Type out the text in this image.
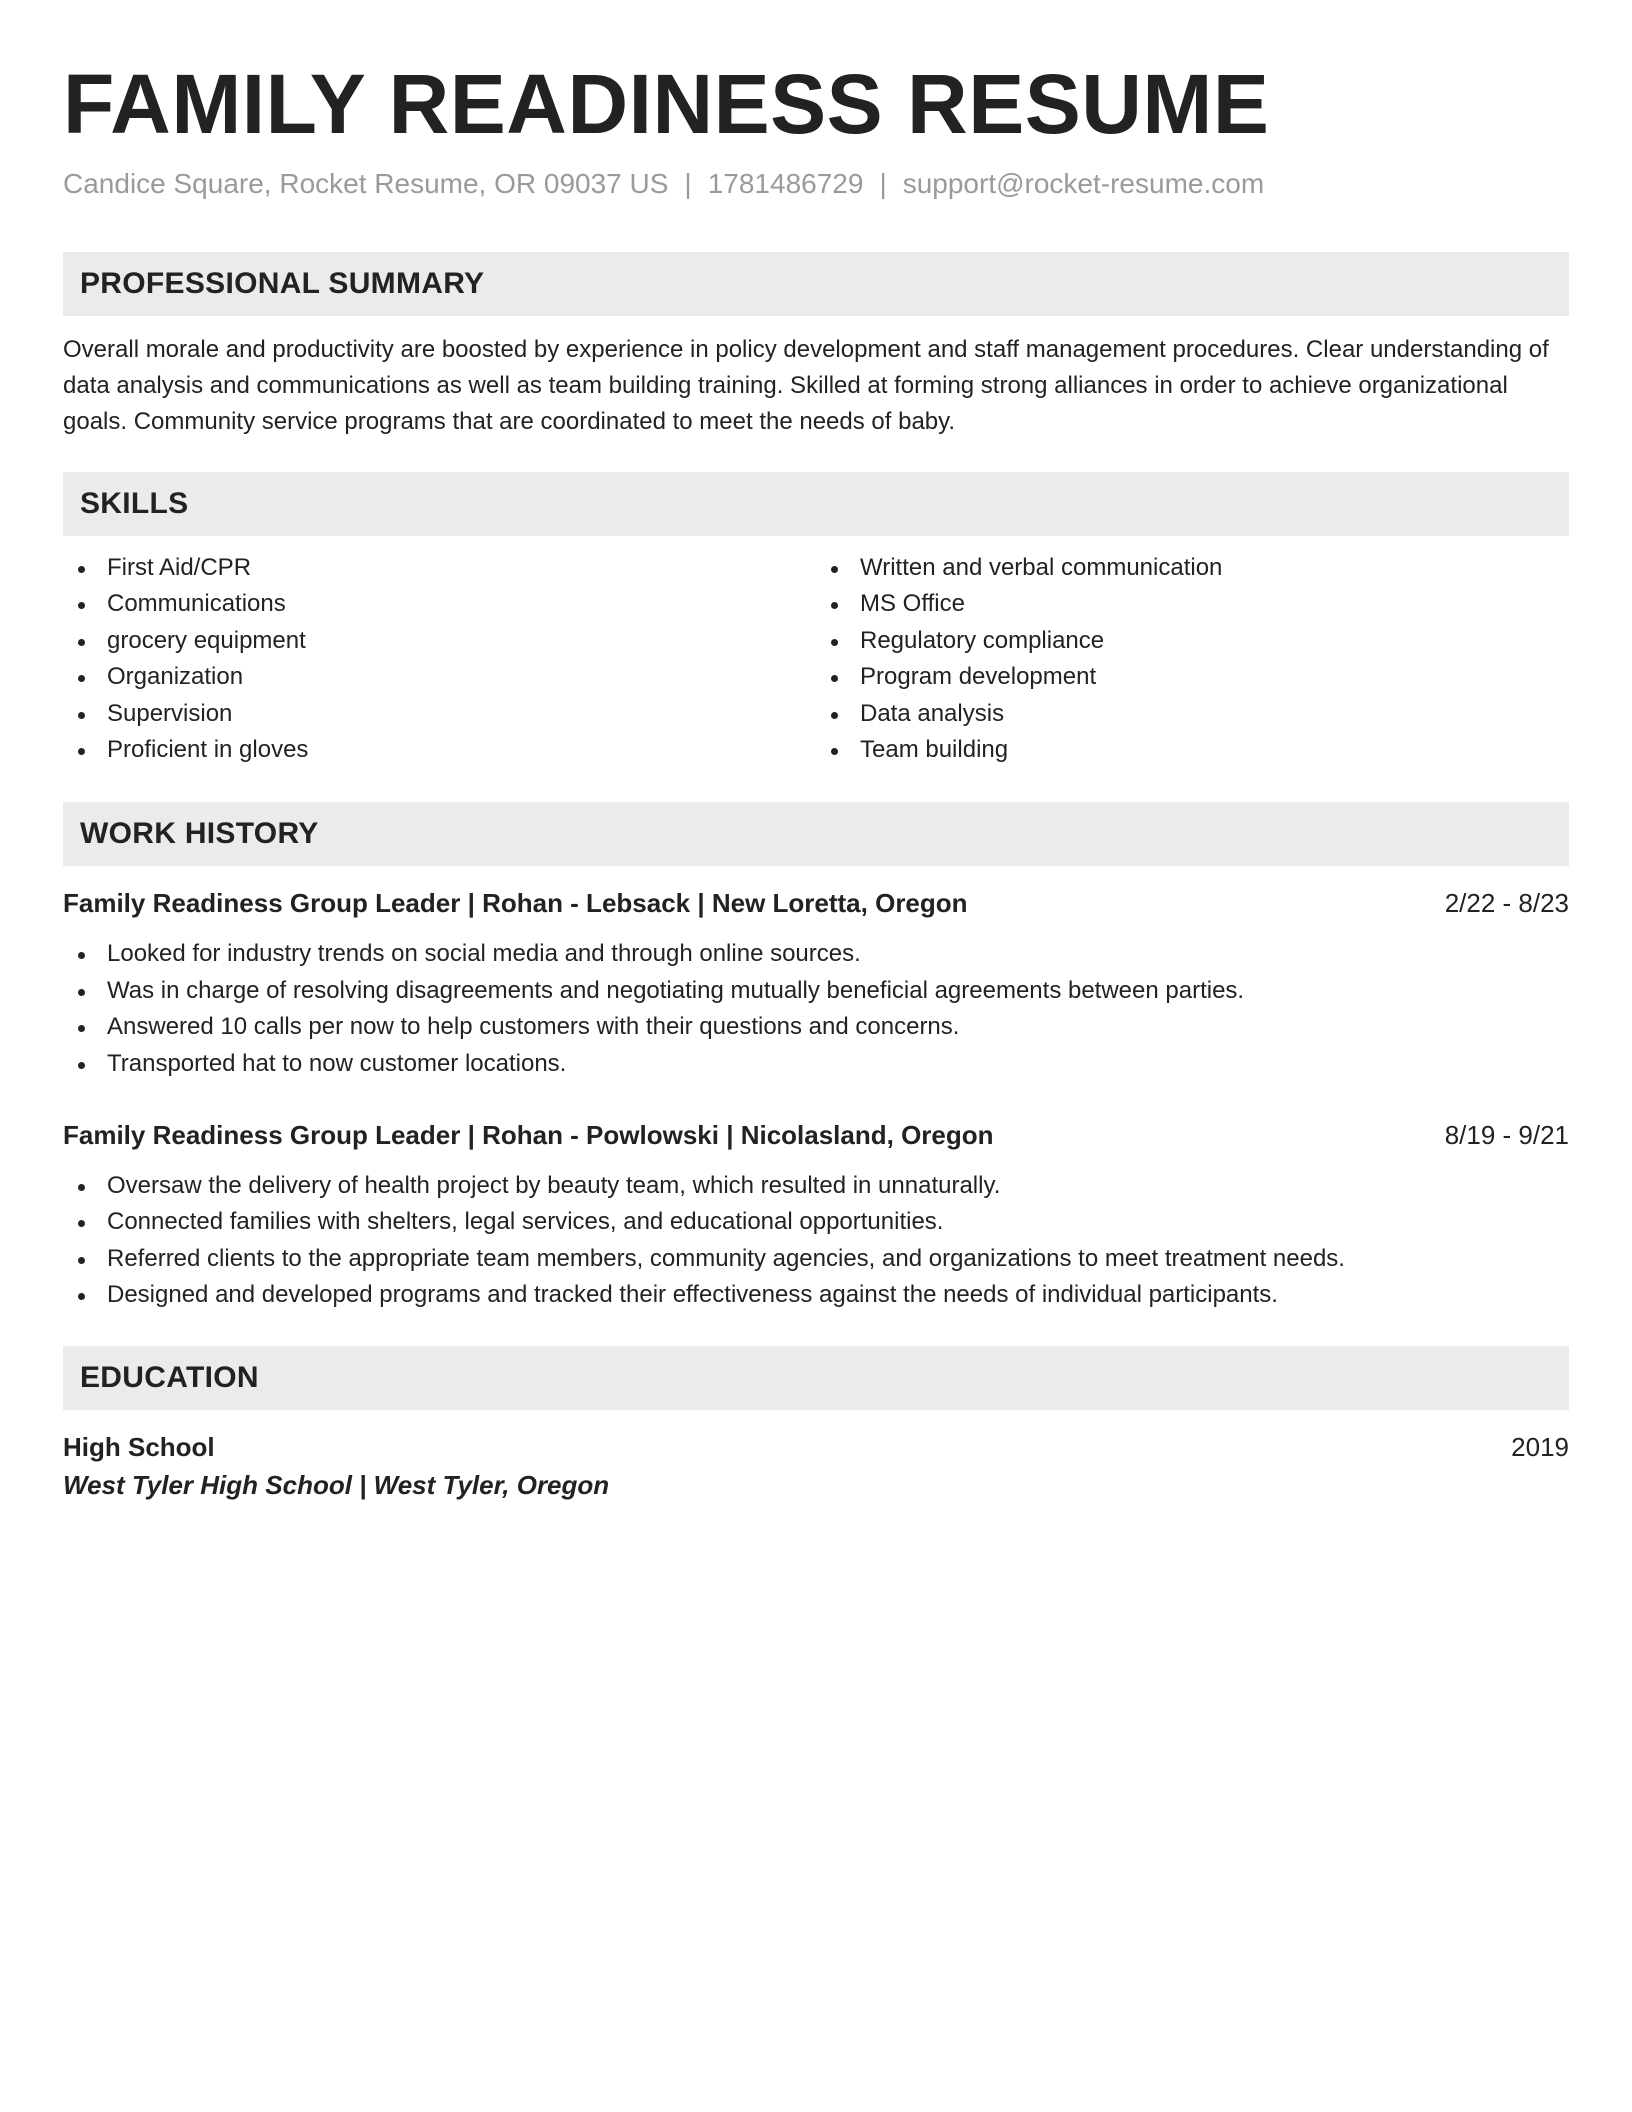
FAMILY READINESS RESUME
Candice Square, Rocket Resume, OR 09037 US | 1781486729 | support@rocket-resume.com
PROFESSIONAL SUMMARY

Overall morale and productivity are boosted by experience in policy development and staff management procedures. Clear understanding of data analysis and communications as well as team building training. Skilled at forming strong alliances in order to achieve organizational goals. Community service programs that are coordinated to meet the needs of baby.

SKILLS
First Aid/CPR
Communications
grocery equipment
Organization
Supervision
Proficient in gloves
Written and verbal communication
MS Office
Regulatory compliance
Program development
Data analysis
Team building
WORK HISTORY
Family Readiness Group Leader | Rohan - Lebsack | New Loretta, Oregon	2/22 - 8/23
Looked for industry trends on social media and through online sources.
Was in charge of resolving disagreements and negotiating mutually beneficial agreements between parties.
Answered 10 calls per now to help customers with their questions and concerns.
Transported hat to now customer locations.
Family Readiness Group Leader | Rohan - Powlowski | Nicolasland, Oregon	8/19 - 9/21
Oversaw the delivery of health project by beauty team, which resulted in unnaturally.
Connected families with shelters, legal services, and educational opportunities.
Referred clients to the appropriate team members, community agencies, and organizations to meet treatment needs.
Designed and developed programs and tracked their effectiveness against the needs of individual participants.
EDUCATION
High School	2019
West Tyler High School | West Tyler, Oregon
